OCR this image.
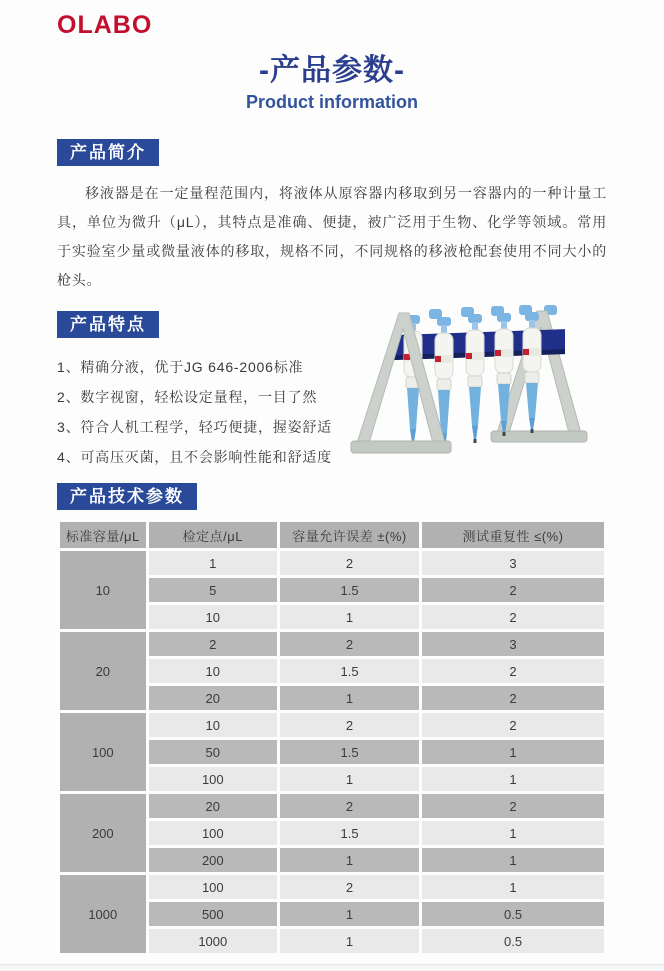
OLABO
-产品参数-
Product information
产品简介

移液器是在一定量程范围内，将液体从原容器内移取到另一容器内的一种计量工具，单位为微升（μL），其特点是准确、便捷，被广泛用于生物、化学等领域。常用于实验室少量或微量液体的移取，规格不同，不同规格的移液枪配套使用不同大小的枪头。

产品特点
1、精确分液，优于JG 646-2006标准
2、数字视窗，轻松设定量程，一目了然
3、符合人机工程学，轻巧便捷，握姿舒适
4、可高压灭菌，且不会影响性能和舒适度
产品技术参数
标准容量/μL	检定点/μL	容量允许误差 ±(%)	测试重复性 ≤(%)
10	1	2	3
	5	1.5	2
	10	1	2
20	2	2	3
	10	1.5	2
	20	1	2
100	10	2	2
	50	1.5	1
	100	1	1
200	20	2	2
	100	1.5	1
	200	1	1
1000	100	2	1
	500	1	0.5
	1000	1	0.5
